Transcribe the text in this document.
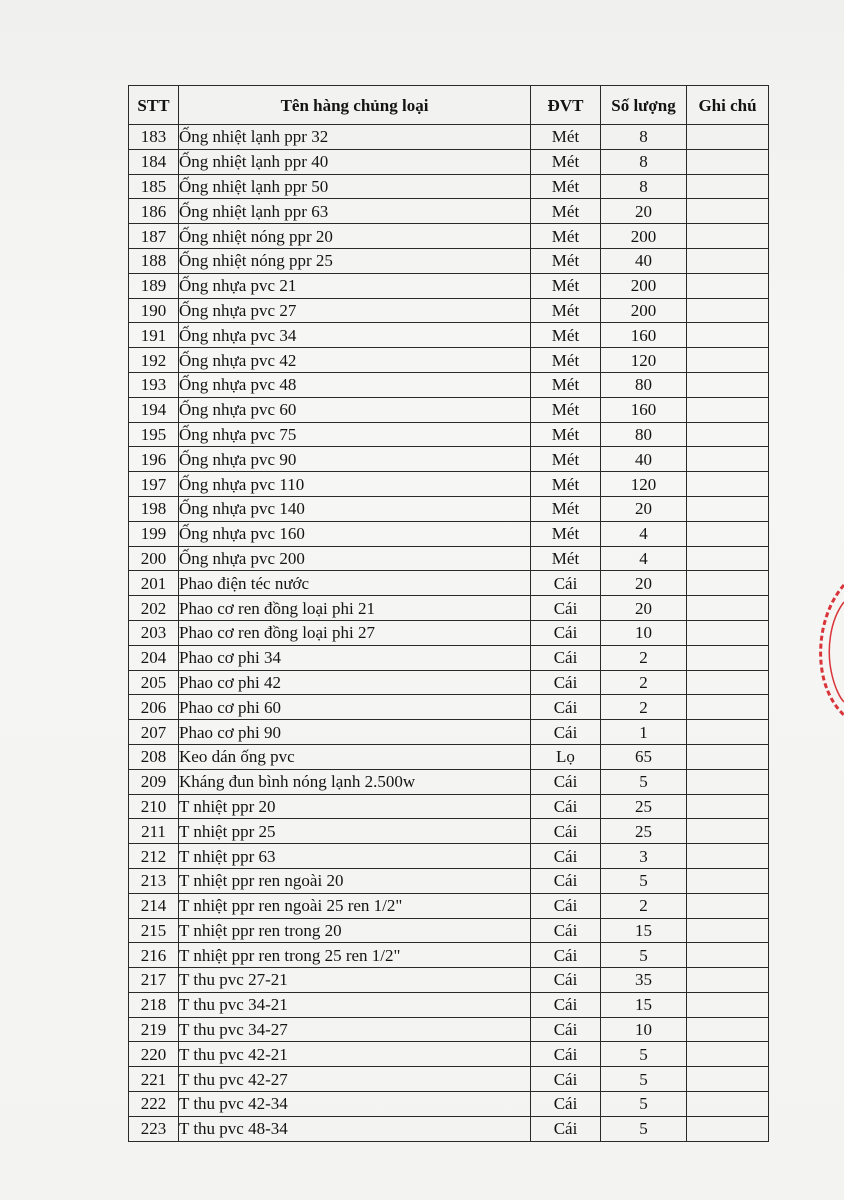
STT	Tên hàng chủng loại	ĐVT	Số lượng	Ghi chú
183	Ống nhiệt lạnh ppr 32	Mét	8	
184	Ống nhiệt lạnh ppr 40	Mét	8	
185	Ống nhiệt lạnh ppr 50	Mét	8	
186	Ống nhiệt lạnh ppr 63	Mét	20	
187	Ống nhiệt nóng ppr 20	Mét	200	
188	Ống nhiệt nóng ppr 25	Mét	40	
189	Ống nhựa pvc 21	Mét	200	
190	Ống nhựa pvc 27	Mét	200	
191	Ống nhựa pvc 34	Mét	160	
192	Ống nhựa pvc 42	Mét	120	
193	Ống nhựa pvc 48	Mét	80	
194	Ống nhựa pvc 60	Mét	160	
195	Ống nhựa pvc 75	Mét	80	
196	Ống nhựa pvc 90	Mét	40	
197	Ống nhựa pvc 110	Mét	120	
198	Ống nhựa pvc 140	Mét	20	
199	Ống nhựa pvc 160	Mét	4	
200	Ống nhựa pvc 200	Mét	4	
201	Phao điện téc nước	Cái	20	
202	Phao cơ ren đồng loại phi 21	Cái	20	
203	Phao cơ ren đồng loại phi 27	Cái	10	
204	Phao cơ phi 34	Cái	2	
205	Phao cơ phi 42	Cái	2	
206	Phao cơ phi 60	Cái	2	
207	Phao cơ phi 90	Cái	1	
208	Keo dán ống pvc	Lọ	65	
209	Kháng đun bình nóng lạnh 2.500w	Cái	5	
210	T nhiệt ppr 20	Cái	25	
211	T nhiệt ppr 25	Cái	25	
212	T nhiệt ppr 63	Cái	3	
213	T nhiệt ppr ren ngoài 20	Cái	5	
214	T nhiệt ppr ren ngoài 25 ren 1/2"	Cái	2	
215	T nhiệt ppr ren trong 20	Cái	15	
216	T nhiệt ppr ren trong 25 ren 1/2"	Cái	5	
217	T thu pvc 27-21	Cái	35	
218	T thu pvc 34-21	Cái	15	
219	T thu pvc 34-27	Cái	10	
220	T thu pvc 42-21	Cái	5	
221	T thu pvc 42-27	Cái	5	
222	T thu pvc 42-34	Cái	5	
223	T thu pvc 48-34	Cái	5	
